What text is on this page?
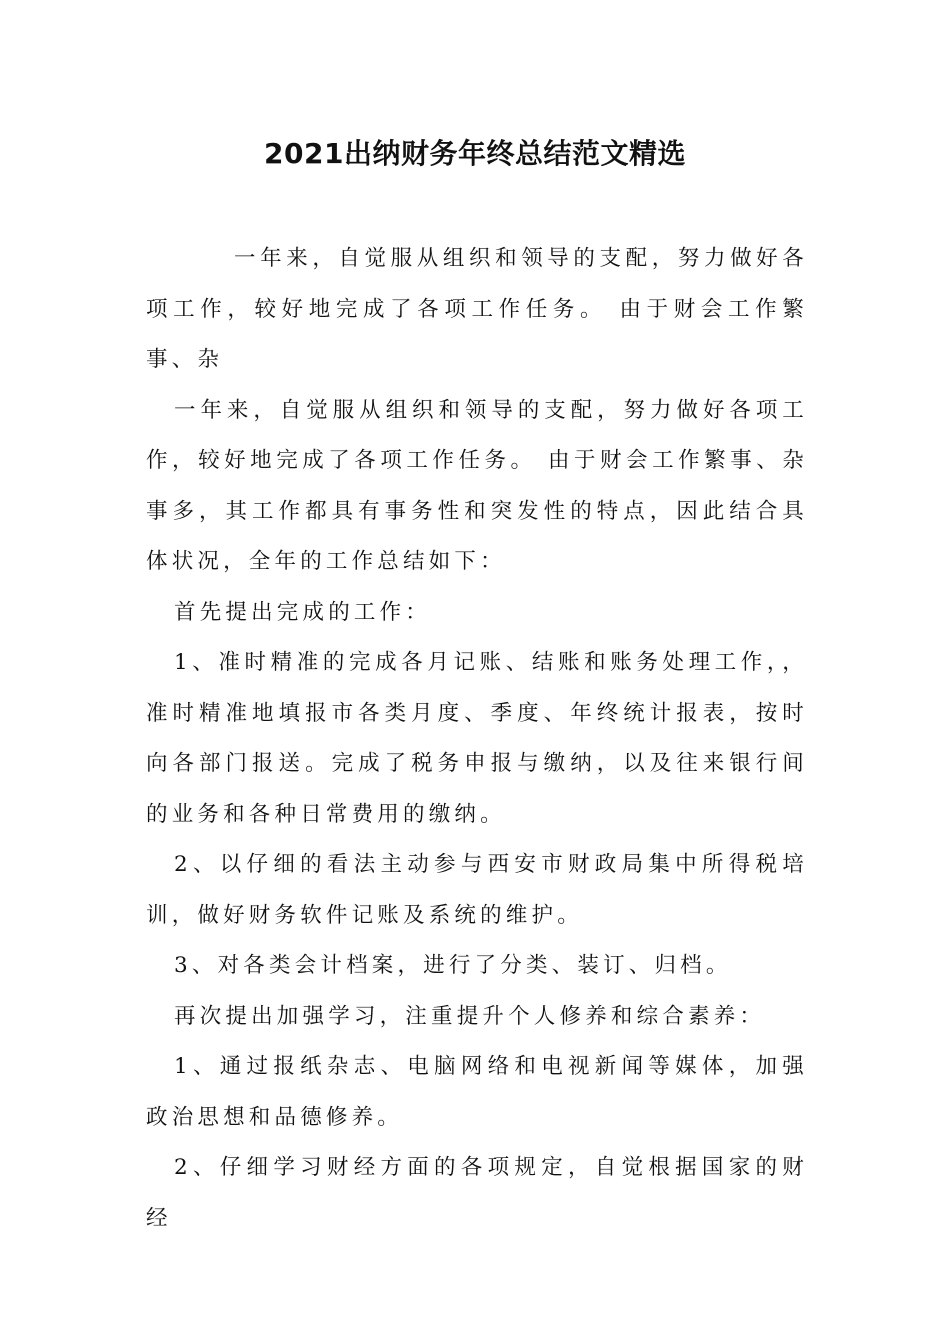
2021出纳财务年终总结范文精选

一年来，自觉服从组织和领导的支配，努力做好各项工作，较好地完成了各项工作任务。 由于财会工作繁事、杂

一年来，自觉服从组织和领导的支配，努力做好各项工作，较好地完成了各项工作任务。 由于财会工作繁事、杂事多，其工作都具有事务性和突发性的特点，因此结合具体状况，全年的工作总结如下：

首先提出完成的工作：

1、准时精准的完成各月记账、结账和账务处理工作，，准时精准地填报市各类月度、季度、年终统计报表，按时向各部门报送。完成了税务申报与缴纳，以及往来银行间的业务和各种日常费用的缴纳。

2、以仔细的看法主动参与西安市财政局集中所得税培训，做好财务软件记账及系统的维护。

3、对各类会计档案，进行了分类、装订、归档。

再次提出加强学习，注重提升个人修养和综合素养：

1、通过报纸杂志、电脑网络和电视新闻等媒体，加强政治思想和品德修养。

2、仔细学习财经方面的各项规定，自觉根据国家的财经
